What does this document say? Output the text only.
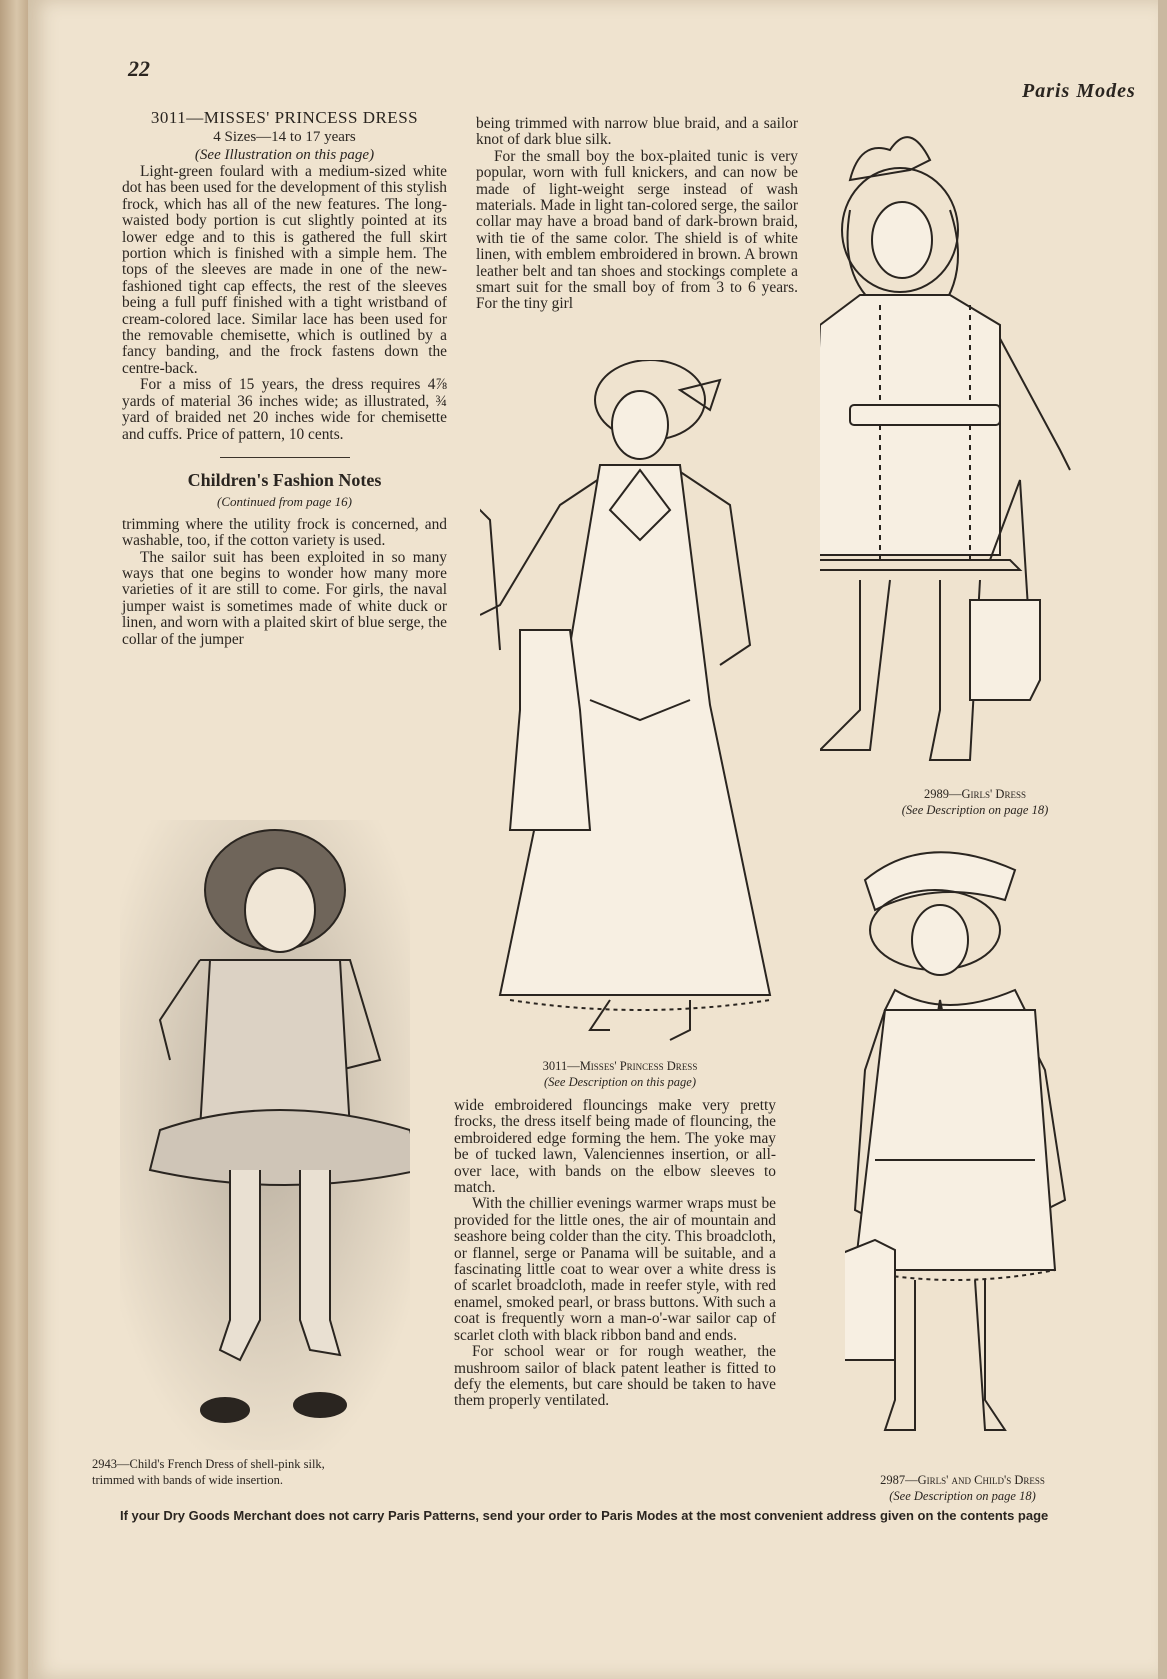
22
Paris Modes
3011—MISSES' PRINCESS DRESS
4 Sizes—14 to 17 years
(See Illustration on this page)

Light-green foulard with a medium-sized white dot has been used for the development of this stylish frock, which has all of the new features. The long-waisted body portion is cut slightly pointed at its lower edge and to this is gathered the full skirt portion which is finished with a simple hem. The tops of the sleeves are made in one of the new-fashioned tight cap effects, the rest of the sleeves being a full puff finished with a tight wristband of cream-colored lace. Similar lace has been used for the removable chemisette, which is outlined by a fancy banding, and the frock fastens down the centre-back.

For a miss of 15 years, the dress requires 4⅞ yards of material 36 inches wide; as illustrated, ¾ yard of braided net 20 inches wide for chemisette and cuffs. Price of pattern, 10 cents.

Children's Fashion Notes
(Continued from page 16)

trimming where the utility frock is concerned, and washable, too, if the cotton variety is used.

The sailor suit has been exploited in so many ways that one begins to wonder how many more varieties of it are still to come. For girls, the naval jumper waist is sometimes made of white duck or linen, and worn with a plaited skirt of blue serge, the collar of the jumper

being trimmed with narrow blue braid, and a sailor knot of dark blue silk.

For the small boy the box-plaited tunic is very popular, worn with full knickers, and can now be made of light-weight serge instead of wash materials. Made in light tan-colored serge, the sailor collar may have a broad band of dark-brown braid, with tie of the same color. The shield is of white linen, with emblem embroidered in brown. A brown leather belt and tan shoes and stockings complete a smart suit for the small boy of from 3 to 6 years. For the tiny girl

wide embroidered flouncings make very pretty frocks, the dress itself being made of flouncing, the embroidered edge forming the hem. The yoke may be of tucked lawn, Valenciennes insertion, or all-over lace, with bands on the elbow sleeves to match.

With the chillier evenings warmer wraps must be provided for the little ones, the air of mountain and seashore being colder than the city. This broadcloth, or flannel, serge or Panama will be suitable, and a fascinating little coat to wear over a white dress is of scarlet broadcloth, made in reefer style, with red enamel, smoked pearl, or brass buttons. With such a coat is frequently worn a man-o'-war sailor cap of scarlet cloth with black ribbon band and ends.

For school wear or for rough weather, the mushroom sailor of black patent leather is fitted to defy the elements, but care should be taken to have them properly ventilated.

2989—Girls' Dress
(See Description on page 18)
3011—Misses' Princess Dress
(See Description on this page)
2943—Child's French Dress of shell-pink silk,
trimmed with bands of wide insertion.	2987—Girls' and Child's Dress
(See Description on page 18)
If your Dry Goods Merchant does not carry Paris Patterns, send your order to Paris Modes at the most convenient address given on the contents page
